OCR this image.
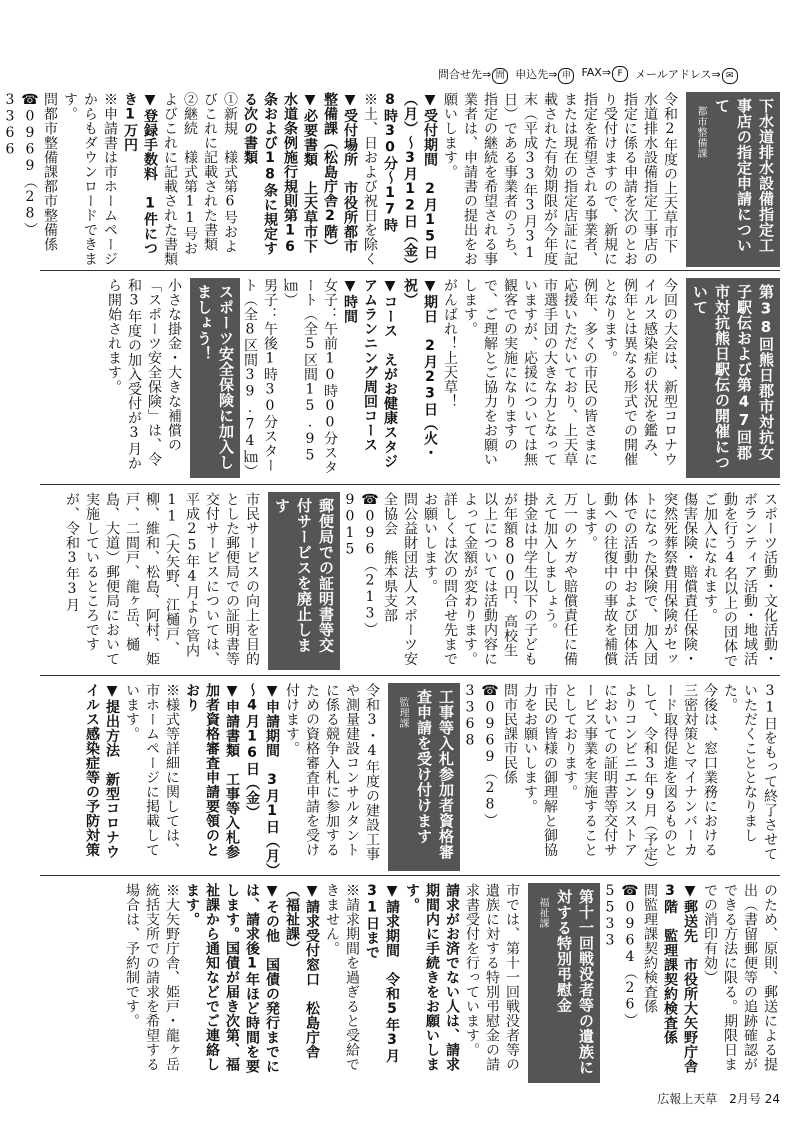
問合せ先⇒ 問 申込先⇒ 申 FAX⇒ F	メールアドレス⇒ ✉
下水道排水設備指定工事店の指定申請について
都市整備課

令和2年度の上天草市下水道排水設備指定工事店の指定に係る申請を次のとおり受付けますので、新規に指定を希望される事業者、または現在の指定店証に記載された有効期限が今年度末（平成33年3月31日）である事業者のうち、指定の継続を希望される事業者は、申請書の提出をお願いします。

▼受付期間　2月15日（月）～3月12日（金）8時30分～17時

※土、日および祝日を除く

▼受付場所　市役所都市整備課（松島庁舎2階）

▼必要書類　上天草市下水道条例施行規則第16条および18条に規定する次の書類

①新規　様式第6号およびこれに記載された書類

②継続　様式第11号およびこれに記載された書類

▼登録手数料　1件につき1万円

※申請書は市ホームページからもダウンロードできます。

問都市整備課都市整備係

☎0969（28）3366

第38回熊日郡市対抗女子駅伝および第47回郡市対抗熊日駅伝の開催について

今回の大会は、新型コロナウイルス感染症の状況を鑑み、例年とは異なる形式での開催となります。

例年、多くの市民の皆さまに応援いただいており、上天草市選手団の大きな力となっていますが、応援については無観客での実施になりますので、ご理解とご協力をお願いします。

がんばれ！上天草！

▼期日　2月23日（火・祝）

▼コース　えがお健康スタジアムランニング周回コース

▼時間

女子：午前10時00分スタート（全5区間15.95㎞）

男子：午後1時30分スタート（全8区間39.74㎞）

スポーツ安全保険に加入しましょう！

小さな掛金・大きな補償の「スポーツ安全保険」は、令和3年度の加入受付が3月から開始されます。

スポーツ活動・文化活動・ボランティア活動・地域活動を行う4名以上の団体でご加入になれます。

傷害保険・賠償責任保険・突然死葬祭費用保険がセットになった保険で、加入団体での活動中および団体活動への往復中の事故を補償します。

万一のケガや賠償責任に備えて加入しましょう。

掛金は中学生以下の子どもが年額800円、高校生以上については活動内容によって金額が変わります。

詳しくは次の問合せ先までお願いします。

問公益財団法人スポーツ安全協会　熊本県支部

☎096（213）9015

郵便局での証明書等交付サービスを廃止します

市民サービスの向上を目的とした郵便局での証明書等交付サービスについては、平成25年4月より管内11（大矢野、江樋戸、柳、維和、松島、阿村、姫戸、二間戸、龍ヶ岳、樋島、大道）郵便局において実施しているところですが、令和3年3月

31日をもって終了させていただくこととなりました。

今後は、窓口業務における三密対策とマイナンバーカード取得促進を図るものとして、令和3年9月（予定）よりコンビニエンスストアにおいての証明書等交付サービス事業を実施することとしております。

市民の皆様の御理解と御協力をお願いします。

問市民課市民係

☎0969（28）3368

工事等入札参加者資格審査申請を受け付けます
監理課

令和3・4年度の建設工事や測量建設コンサルタントに係る競争入札に参加するための資格審査申請を受け付けます。

▼申請期間　3月1日（月）～4月16日（金）

▼申請書類　工事等入札参加者資格審査申請要領のとおり

※様式等詳細に関しては、市ホームページに掲載しています。

▼提出方法　新型コロナウイルス感染症等の予防対策

のため、原則、郵送による提出（書留郵便等の追跡確認ができる方法に限る。期限日までの消印有効）

▼郵送先　市役所大矢野庁舎3階　監理課契約検査係

問監理課契約検査係

☎0964（26）5533

第十一回戦没者等の遺族に対する特別弔慰金
福祉課

市では、第十一回戦没者等の遺族に対する特別弔慰金の請求書受付を行っています。

請求がお済でない人は、請求期間内に手続きをお願いします。

▼請求期間　令和5年3月31日まで

※請求期間を過ぎると受給できません。

▼請求受付窓口　松島庁舎（福祉課）

▼その他　国債の発行までには、請求後1年ほど時間を要します。国債が届き次第、福祉課から通知などでご連絡します。

※大矢野庁舎、姫戸・龍ヶ岳統括支所での請求を希望する場合は、予約制です。

広報上天草　2月号 24
